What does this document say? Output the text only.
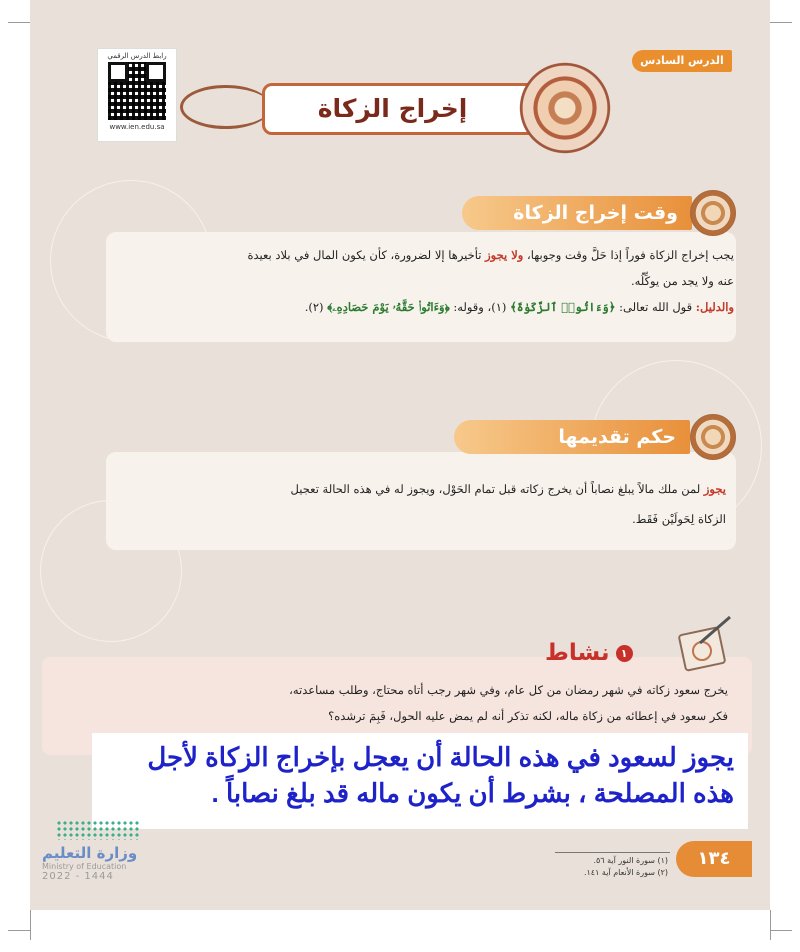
رابط الدرس الرقمي
www.ien.edu.sa
إخراج الزكاة
الدرس السادس
وقت إخراج الزكاة
يجب إخراج الزكاة فوراً إذا حَلَّ وقت وجوبها، ولا يجوز تأخيرها إلا لضرورة، كأن يكون المال في بلاد بعيدة
عنه ولا يجد من يوكِّلُه.
والدليل: قول الله تعالى: ﴿وَءَاتُوا۟ ٱلزَّكَوٰةَ﴾ (١)، وقوله: ﴿وَءَاتُوا۟ حَقَّهُۥ يَوْمَ حَصَادِهِۦ﴾ (٢).
حكم تقديمها
يجوز لمن ملك مالاً يبلغ نصاباً أن يخرج زكاته قبل تمام الحَوْل، ويجوز له في هذه الحالة تعجيل
الزكاة لِحَولَيْن فَقَط.
١نشاط
يخرج سعود زكاته في شهر رمضان من كل عام، وفي شهر رجب أتاه محتاج، وطلب مساعدته،
فكر سعود في إعطائه من زكاة ماله، لكنه تذكر أنه لم يمض عليه الحول، فَبِمَ ترشده؟
يجوز لسعود في هذه الحالة أن يعجل بإخراج الزكاة لأجل
هذه المصلحة ، بشرط أن يكون ماله قد بلغ نصاباً .
١٣٤
(١) سورة النور آية ٥٦.
(٢) سورة الأنعام آية ١٤١.
وزارة التعليم
Ministry of Education
2022 - 1444
